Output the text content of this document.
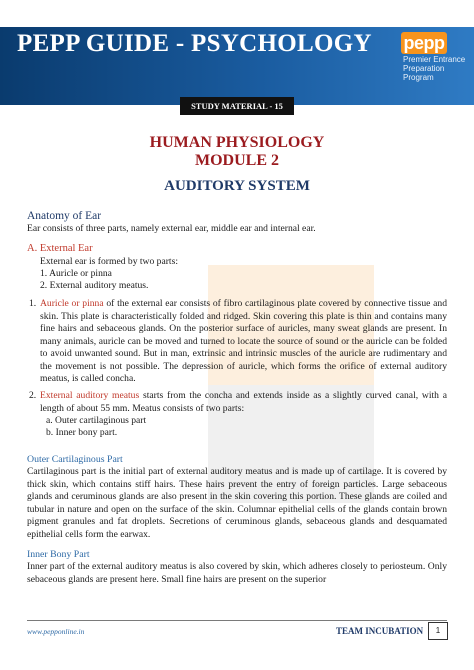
PEPP GUIDE - PSYCHOLOGY pepp
Premier Entrance
Preparation Program
STUDY MATERIAL - 15
HUMAN PHYSIOLOGY
MODULE 2
AUDITORY SYSTEM
Anatomy of Ear
Ear consists of three parts, namely external ear, middle ear and internal ear.
A. External Ear
External ear is formed by two parts:
1. Auricle or pinna
2. External auditory meatus.
1. Auricle or pinna of the external ear consists of fibro cartilaginous plate covered by connective tissue and skin. This plate is characteristically folded and ridged. Skin covering this plate is thin and contains many fine hairs and sebaceous glands. On the posterior surface of auricles, many sweat glands are present. In many animals, auricle can be moved and turned to locate the source of sound or the auricle can be folded to avoid unwanted sound. But in man, extrinsic and intrinsic muscles of the auricle are rudimentary and the movement is not possible. The depression of auricle, which forms the orifice of external auditory meatus, is called concha.
2. External auditory meatus starts from the concha and extends inside as a slightly curved canal, with a length of about 55 mm. Meatus consists of two parts:
a. Outer cartilaginous part
b. Inner bony part.
Outer Cartilaginous Part
Cartilaginous part is the initial part of external auditory meatus and is made up of cartilage. It is covered by thick skin, which contains stiff hairs. These hairs prevent the entry of foreign particles. Large sebaceous glands and ceruminous glands are also present in the skin covering this portion. These glands are coiled and tubular in nature and open on the surface of the skin. Columnar epithelial cells of the glands contain brown pigment granules and fat droplets. Secretions of ceruminous glands, sebaceous glands and desquamated epithelial cells form the earwax.
Inner Bony Part
Inner part of the external auditory meatus is also covered by skin, which adheres closely to periosteum. Only sebaceous glands are present here. Small fine hairs are present on the superior
www.pepponline.in	TEAM INCUBATION	1
